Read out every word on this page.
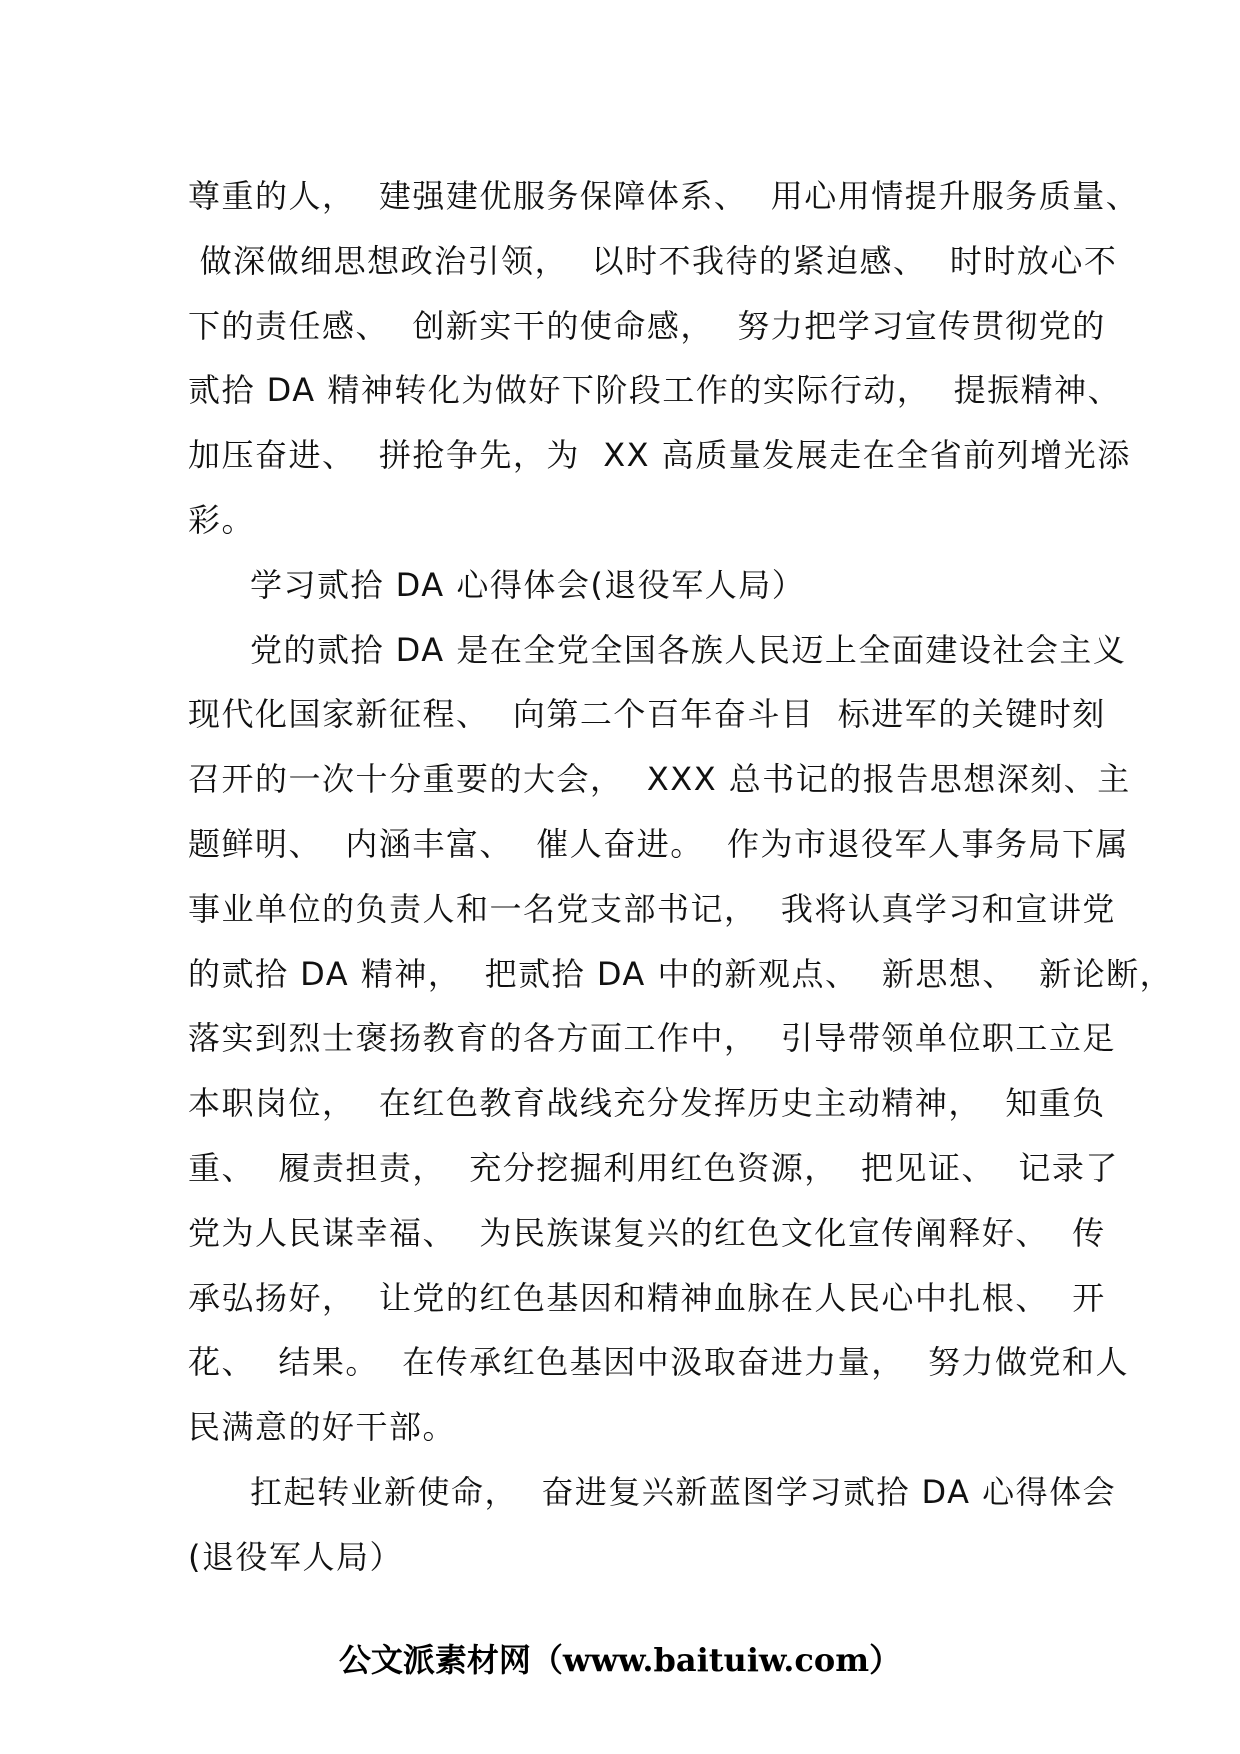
尊重的人，  建强建优服务保障体系、  用心用情提升服务质量、
做深做细思想政治引领，  以时不我待的紧迫感、  时时放心不
下的责任感、  创新实干的使命感，  努力把学习宣传贯彻党的
贰拾 DA 精神转化为做好下阶段工作的实际行动，  提振精神、
加压奋进、  拼抢争先，为  XX 高质量发展走在全省前列增光添
彩。
学习贰拾 DA 心得体会(退役军人局）
党的贰拾 DA 是在全党全国各族人民迈上全面建设社会主义
现代化国家新征程、  向第二个百年奋斗目  标进军的关键时刻
召开的一次十分重要的大会，  XXX 总书记的报告思想深刻、主
题鲜明、  内涵丰富、  催人奋进。  作为市退役军人事务局下属
事业单位的负责人和一名党支部书记，  我将认真学习和宣讲党
的贰拾 DA 精神，  把贰拾 DA 中的新观点、  新思想、  新论断，
落实到烈士褒扬教育的各方面工作中，  引导带领单位职工立足
本职岗位，  在红色教育战线充分发挥历史主动精神，  知重负
重、  履责担责，  充分挖掘利用红色资源，  把见证、  记录了
党为人民谋幸福、  为民族谋复兴的红色文化宣传阐释好、  传
承弘扬好，  让党的红色基因和精神血脉在人民心中扎根、  开
花、  结果。  在传承红色基因中汲取奋进力量，  努力做党和人
民满意的好干部。
扛起转业新使命，  奋进复兴新蓝图学习贰拾 DA 心得体会
(退役军人局）
公文派素材网（www.baituiw.com）
